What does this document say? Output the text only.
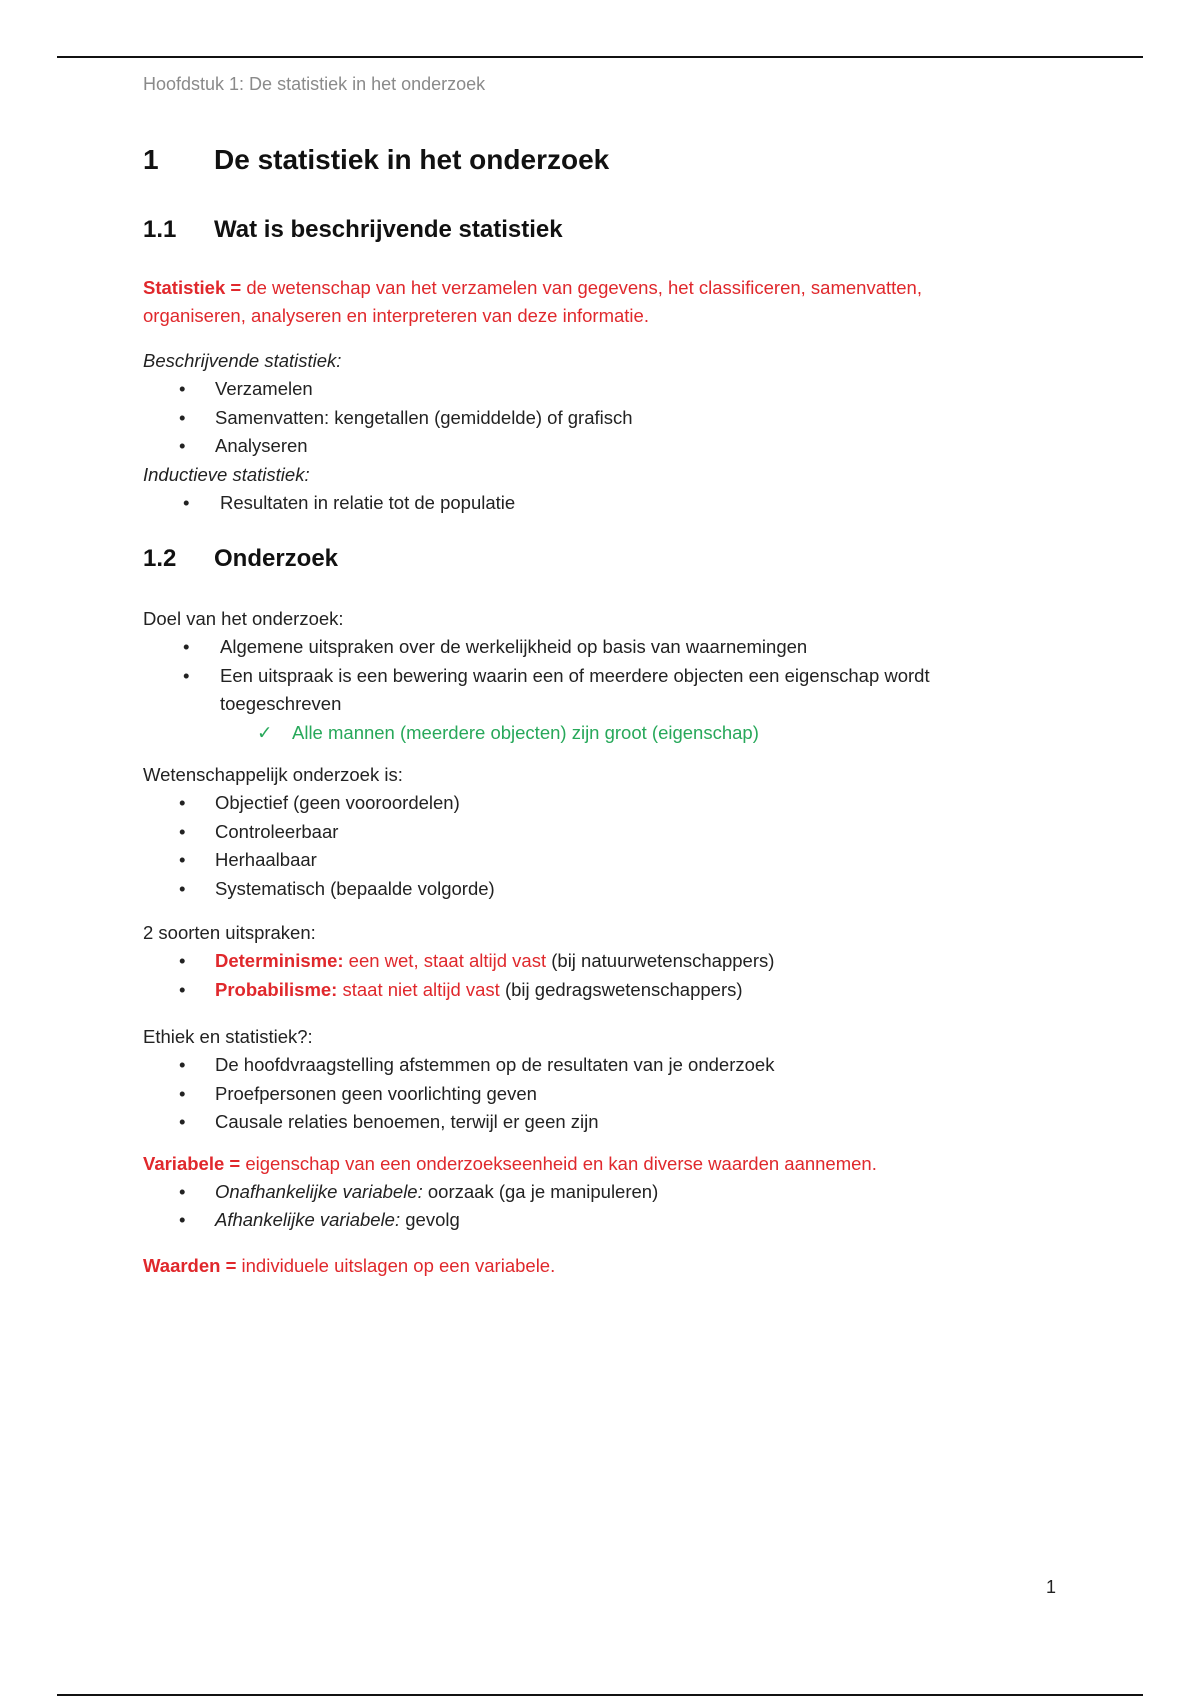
Hoofdstuk 1: De statistiek in het onderzoek
1	De statistiek in het onderzoek
1.1	Wat is beschrijvende statistiek

Statistiek = de wetenschap van het verzamelen van gegevens, het classificeren, samenvatten,
organiseren, analyseren en interpreteren van deze informatie.

Beschrijvende statistiek:

• Verzamelen
• Samenvatten: kengetallen (gemiddelde) of grafisch
• Analyseren

Inductieve statistiek:

• Resultaten in relatie tot de populatie
1.2	Onderzoek

Doel van het onderzoek:

• Algemene uitspraken over de werkelijkheid op basis van waarnemingen
• Een uitspraak is een bewering waarin een of meerdere objecten een eigenschap wordt toegeschreven
✓ Alle mannen (meerdere objecten) zijn groot (eigenschap)

Wetenschappelijk onderzoek is:

• Objectief (geen vooroordelen)
• Controleerbaar
• Herhaalbaar
• Systematisch (bepaalde volgorde)

2 soorten uitspraken:

• Determinisme: een wet, staat altijd vast (bij natuurwetenschappers)
• Probabilisme: staat niet altijd vast (bij gedragswetenschappers)

Ethiek en statistiek?:

• De hoofdvraagstelling afstemmen op de resultaten van je onderzoek
• Proefpersonen geen voorlichting geven
• Causale relaties benoemen, terwijl er geen zijn

Variabele = eigenschap van een onderzoekseenheid en kan diverse waarden aannemen.

• Onafhankelijke variabele: oorzaak (ga je manipuleren)
• Afhankelijke variabele: gevolg

Waarden = individuele uitslagen op een variabele.

1
